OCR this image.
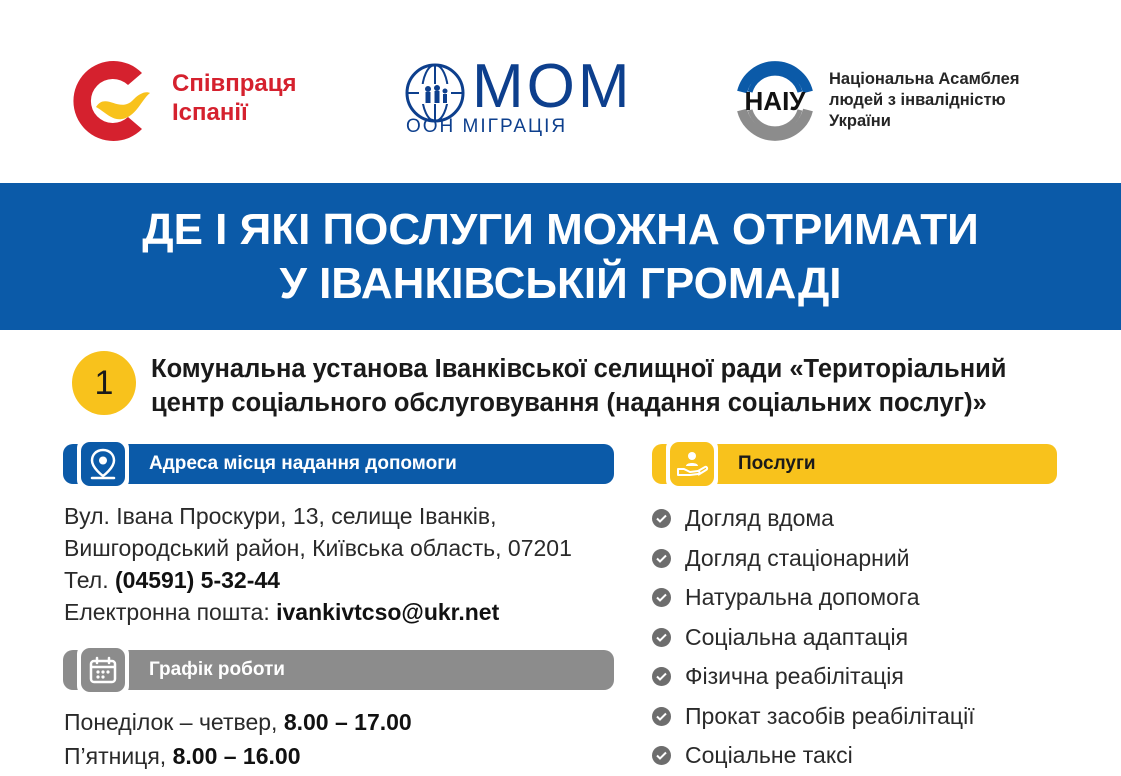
Співпраця
Іспанії	МОМ
ООН МІГРАЦІЯ
НАІУ
Національна Асамблея
людей з інвалідністю
України
ДЕ І ЯКІ ПОСЛУГИ МОЖНА ОТРИМАТИ
У ІВАНКІВСЬКІЙ ГРОМАДІ
1	Комунальна установа Іванківської селищної ради «Територіальний
центр соціального обслуговування (надання соціальних послуг)»
Адреса місця надання допомоги
Вул. Івана Проскури, 13, селище Іванків,
Вишгородський район, Київська область, 07201
Тел. (04591) 5-32-44
Електронна пошта: ivankivtcso@ukr.net
Графік роботи
Понеділок – четвер, 8.00 – 17.00
П’ятниця, 8.00 – 16.00
Послуги
Догляд вдома
Догляд стаціонарний
Натуральна допомога
Соціальна адаптація
Фізична реабілітація
Прокат засобів реабілітації
Соціальне таксі
